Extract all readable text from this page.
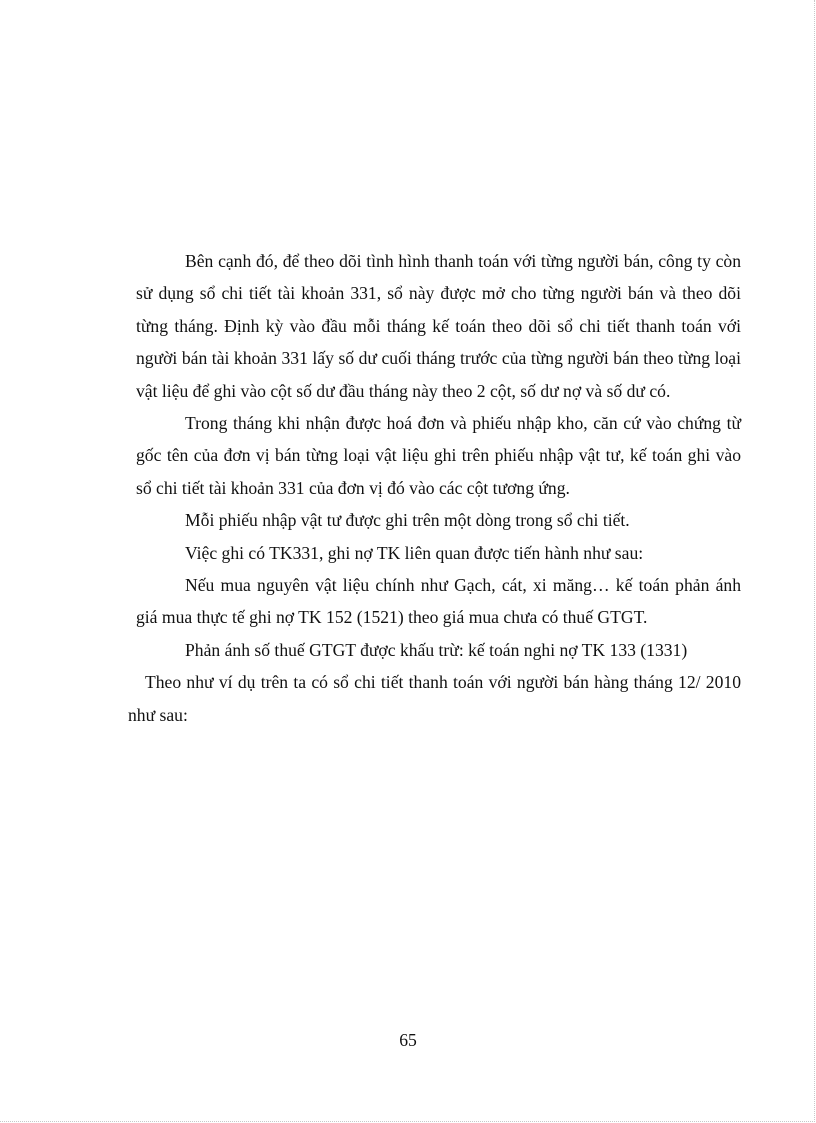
Bên cạnh đó, để theo dõi tình hình thanh toán với từng người bán, công ty còn sử dụng sổ chi tiết tài khoản 331, sổ này được mở cho từng người bán và theo dõi từng tháng. Định kỳ vào đầu mỗi tháng kế toán theo dõi sổ chi tiết thanh toán với người bán tài khoản 331 lấy số dư cuối tháng trước của từng người bán theo từng loại vật liệu để ghi vào cột số dư đầu tháng này theo 2 cột, số dư nợ và số dư có.

Trong tháng khi nhận được hoá đơn và phiếu nhập kho, căn cứ vào chứng từ gốc tên của đơn vị bán từng loại vật liệu ghi trên phiếu nhập vật tư, kế toán ghi vào sổ chi tiết tài khoản 331 của đơn vị đó vào các cột tương ứng.

Mỗi phiếu nhập vật tư được ghi trên một dòng trong sổ chi tiết.

Việc ghi có TK331, ghi nợ TK liên quan được tiến hành như sau:

Nếu mua nguyên vật liệu chính như Gạch, cát, xi măng… kế toán phản ánh giá mua thực tế ghi nợ TK 152 (1521) theo giá mua chưa có thuế GTGT.

Phản ánh số thuế GTGT được khấu trừ: kế toán nghi nợ TK 133 (1331)

Theo như ví dụ trên ta có sổ chi tiết thanh toán với người bán hàng tháng 12/ 2010 như sau:

65
